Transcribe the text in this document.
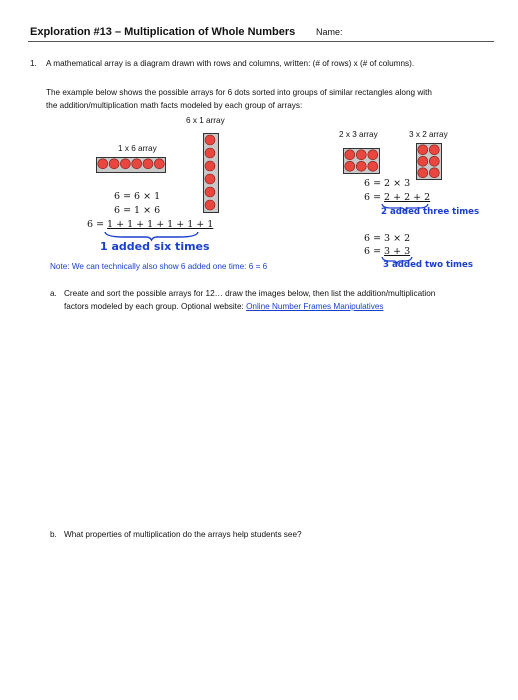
Exploration #13 – Multiplication of Whole Numbers Name:
1. A mathematical array is a diagram drawn with rows and columns, written: (# of rows) x (# of columns).
The example below shows the possible arrays for 6 dots sorted into groups of similar rectangles along with
the addition/multiplication math facts modeled by each group of arrays:
6 x 1 array
1 x 6 array
6 = 6 × 1
6 = 1 × 6
6 = 1 + 1 + 1 + 1 + 1 + 1
1 added six times
Note: We can technically also show 6 added one time: 6 = 6
2 x 3 array	3 x 2 array
6 = 2 × 3
6 = 2 + 2 + 2
2 added three times
6 = 3 × 2
6 = 3 + 3
3 added two times
a. Create and sort the possible arrays for 12… draw the images below, then list the addition/multiplication
factors modeled by each group. Optional website: Online Number Frames Manipulatives
b. What properties of multiplication do the arrays help students see?
